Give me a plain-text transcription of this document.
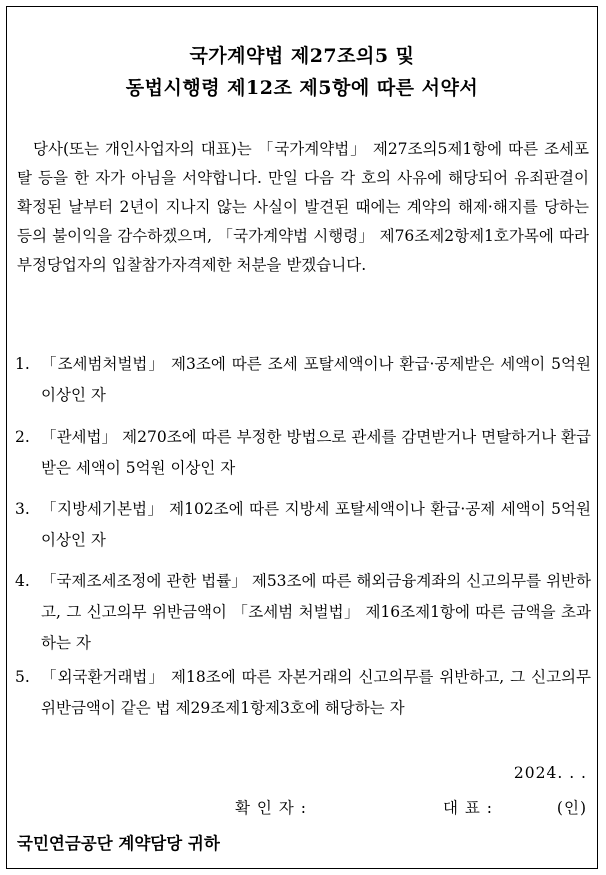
국가계약법 제27조의5 및
동법시행령 제12조 제5항에 따른 서약서

당사(또는 개인사업자의 대표)는 「국가계약법」 제27조의5제1항에 따른 조세포탈 등을 한 자가 아님을 서약합니다. 만일 다음 각 호의 사유에 해당되어 유죄판결이 확정된 날부터 2년이 지나지 않는 사실이 발견된 때에는 계약의 해제·해지를 당하는 등의 불이익을 감수하겠으며, 「국가계약법 시행령」 제76조제2항제1호가목에 따라 부정당업자의 입찰참가자격제한 처분을 받겠습니다.

1. 「조세범처벌법」 제3조에 따른 조세 포탈세액이나 환급·공제받은 세액이 5억원 이상인 자
2. 「관세법」 제270조에 따른 부정한 방법으로 관세를 감면받거나 면탈하거나 환급받은 세액이 5억원 이상인 자
3. 「지방세기본법」 제102조에 따른 지방세 포탈세액이나 환급·공제 세액이 5억원 이상인 자
4. 「국제조세조정에 관한 법률」 제53조에 따른 해외금융계좌의 신고의무를 위반하고, 그 신고의무 위반금액이 「조세범 처벌법」 제16조제1항에 따른 금액을 초과하는 자
5. 「외국환거래법」 제18조에 따른 자본거래의 신고의무를 위반하고, 그 신고의무 위반금액이 같은 법 제29조제1항제3호에 해당하는 자
2024. . .
확 인 자 :	대 표 :	(인)
국민연금공단 계약담당 귀하
